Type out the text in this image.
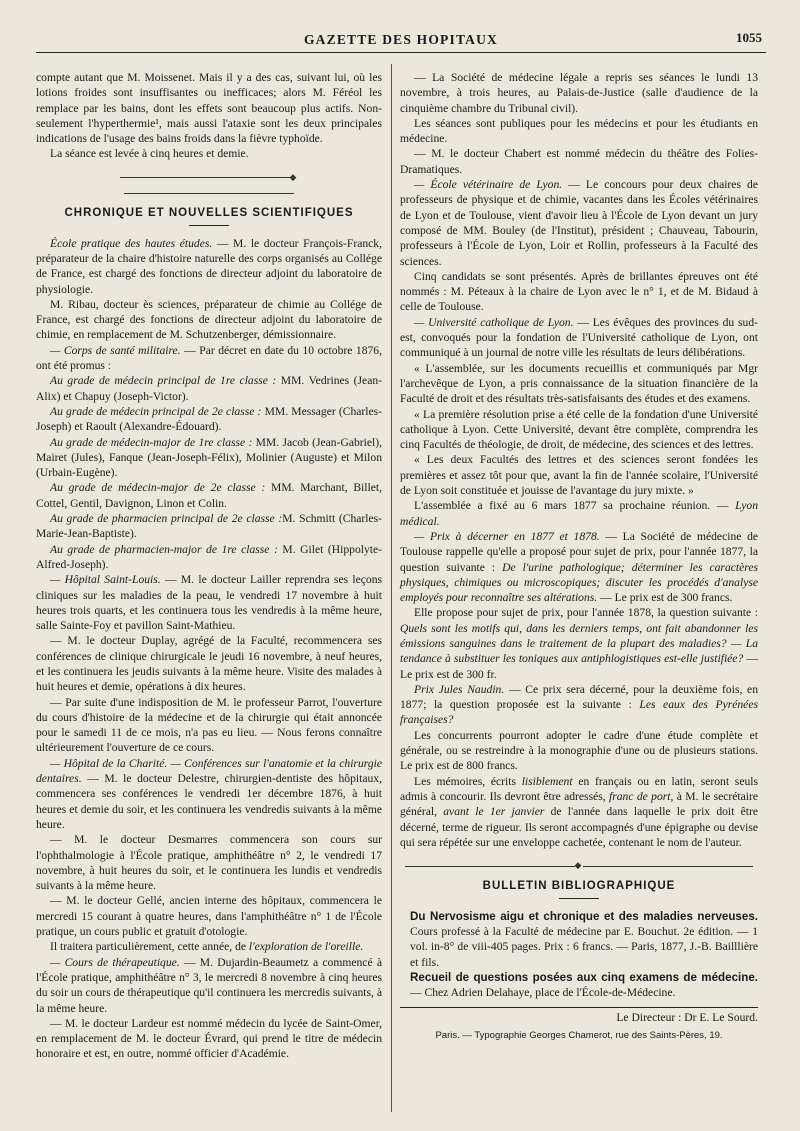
GAZETTE DES HOPITAUX	1055

compte autant que M. Moissenet. Mais il y a des cas, suivant lui, où les lotions froides sont insuffisantes ou inefficaces; alors M. Féréol les remplace par les bains, dont les effets sont beaucoup plus actifs. Non-seulement l'hyperthermie¹, mais aussi l'ataxie sont les deux principales indications de l'usage des bains froids dans la fièvre typhoïde.

La séance est levée à cinq heures et demie.

◆
CHRONIQUE ET NOUVELLES SCIENTIFIQUES

École pratique des hautes études. — M. le docteur François-Franck, préparateur de la chaire d'histoire naturelle des corps organisés au Collége de France, est chargé des fonctions de directeur adjoint du laboratoire de physiologie.

M. Ribau, docteur ès sciences, préparateur de chimie au Collége de France, est chargé des fonctions de directeur adjoint du laboratoire de chimie, en remplacement de M. Schutzenberger, démissionnaire.

— Corps de santé militaire. — Par décret en date du 10 octobre 1876, ont été promus :

Au grade de médecin principal de 1re classe : MM. Vedrines (Jean-Alix) et Chapuy (Joseph-Victor).

Au grade de médecin principal de 2e classe : MM. Messager (Charles-Joseph) et Raoult (Alexandre-Édouard).

Au grade de médecin-major de 1re classe : MM. Jacob (Jean-Gabriel), Mairet (Jules), Fanque (Jean-Joseph-Félix), Molinier (Auguste) et Milon (Urbain-Eugène).

Au grade de médecin-major de 2e classe : MM. Marchant, Billet, Cottel, Gentil, Davignon, Linon et Colin.

Au grade de pharmacien principal de 2e classe :M. Schmitt (Charles-Marie-Jean-Baptiste).

Au grade de pharmacien-major de 1re classe : M. Gilet (Hippolyte-Alfred-Joseph).

— Hôpital Saint-Louis. — M. le docteur Lailler reprendra ses leçons cliniques sur les maladies de la peau, le vendredi 17 novembre à huit heures trois quarts, et les continuera tous les vendredis à la même heure, salle Sainte-Foy et pavillon Saint-Mathieu.

— M. le docteur Duplay, agrégé de la Faculté, recommencera ses conférences de clinique chirurgicale le jeudi 16 novembre, à neuf heures, et les continuera les jeudis suivants à la même heure. Visite des malades à huit heures et demie, opérations à dix heures.

— Par suite d'une indisposition de M. le professeur Parrot, l'ouverture du cours d'histoire de la médecine et de la chirurgie qui était annoncée pour le samedi 11 de ce mois, n'a pas eu lieu. — Nous ferons connaître ultérieurement l'ouverture de ce cours.

— Hôpital de la Charité. — Conférences sur l'anatomie et la chirurgie dentaires. — M. le docteur Delestre, chirurgien-dentiste des hôpitaux, commencera ses conférences le vendredi 1er décembre 1876, à huit heures et demie du soir, et les continuera les vendredis suivants à la même heure.

— M. le docteur Desmarres commencera son cours sur l'ophthalmologie à l'École pratique, amphithéâtre n° 2, le vendredi 17 novembre, à huit heures du soir, et le continuera les lundis et vendredis suivants à la même heure.

— M. le docteur Gellé, ancien interne des hôpitaux, commencera le mercredi 15 courant à quatre heures, dans l'amphithéâtre n° 1 de l'École pratique, un cours public et gratuit d'otologie.

Il traitera particulièrement, cette année, de l'exploration de l'oreille.

— Cours de thérapeutique. — M. Dujardin-Beaumetz a commencé à l'École pratique, amphithéâtre n° 3, le mercredi 8 novembre à cinq heures du soir un cours de thérapeutique qu'il continuera les mercredis suivants, à la même heure.

— M. le docteur Lardeur est nommé médecin du lycée de Saint-Omer, en remplacement de M. le docteur Évrard, qui prend le titre de médecin honoraire et est, en outre, nommé officier d'Académie.

— La Société de médecine légale a repris ses séances le lundi 13 novembre, à trois heures, au Palais-de-Justice (salle d'audience de la cinquième chambre du Tribunal civil).

Les séances sont publiques pour les médecins et pour les étudiants en médecine.

— M. le docteur Chabert est nommé médecin du théâtre des Folies-Dramatiques.

— École vétérinaire de Lyon. — Le concours pour deux chaires de professeurs de physique et de chimie, vacantes dans les Écoles vétérinaires de Lyon et de Toulouse, vient d'avoir lieu à l'École de Lyon devant un jury composé de MM. Bouley (de l'Institut), président ; Chauveau, Tabourin, professeurs à l'École de Lyon, Loir et Rollin, professeurs à la Faculté des sciences.

Cinq candidats se sont présentés. Après de brillantes épreuves ont été nommés : M. Péteaux à la chaire de Lyon avec le n° 1, et de M. Bidaud à celle de Toulouse.

— Université catholique de Lyon. — Les évêques des provinces du sud-est, convoqués pour la fondation de l'Université catholique de Lyon, ont communiqué à un journal de notre ville les résultats de leurs délibérations.

« L'assemblée, sur les documents recueillis et communiqués par Mgr l'archevêque de Lyon, a pris connaissance de la situation financière de la Faculté de droit et des résultats très-satisfaisants des études et des examens.

« La première résolution prise a été celle de la fondation d'une Université catholique à Lyon. Cette Université, devant être complète, comprendra les cinq Facultés de théologie, de droit, de médecine, des sciences et des lettres.

« Les deux Facultés des lettres et des sciences seront fondées les premières et assez tôt pour que, avant la fin de l'année scolaire, l'Université de Lyon soit constituée et jouisse de l'avantage du jury mixte. »

L'assemblée a fixé au 6 mars 1877 sa prochaine réunion. — Lyon médical.

— Prix à décerner en 1877 et 1878. — La Société de médecine de Toulouse rappelle qu'elle a proposé pour sujet de prix, pour l'année 1877, la question suivante : De l'urine pathologique; déterminer les caractères physiques, chimiques ou microscopiques; discuter les procédés d'analyse employés pour reconnaître ses altérations. — Le prix est de 300 francs.

Elle propose pour sujet de prix, pour l'année 1878, la question suivante : Quels sont les motifs qui, dans les derniers temps, ont fait abandonner les émissions sanguines dans le traitement de la plupart des maladies? — La tendance à substituer les toniques aux antiphlogistiques est-elle justifiée? — Le prix est de 300 fr.

Prix Jules Naudin. — Ce prix sera décerné, pour la deuxième fois, en 1877; la question proposée est la suivante : Les eaux des Pyrénées françaises?

Les concurrents pourront adopter le cadre d'une étude complète et générale, ou se restreindre à la monographie d'une ou de plusieurs stations. Le prix est de 800 francs.

Les mémoires, écrits lisiblement en français ou en latin, seront seuls admis à concourir. Ils devront être adressés, franc de port, à M. le secrétaire général, avant le 1er janvier de l'année dans laquelle le prix doit être décerné, terme de rigueur. Ils seront accompagnés d'une épigraphe ou devise qui sera répétée sur une enveloppe cachetée, contenant le nom de l'auteur.

◆
BULLETIN BIBLIOGRAPHIQUE

Du Nervosisme aigu et chronique et des maladies nerveuses. Cours professé à la Faculté de médecine par E. Bouchut. 2e édition. — 1 vol. in-8° de viii-405 pages. Prix : 6 francs. — Paris, 1877, J.-B. Bailllière et fils.

Recueil de questions posées aux cinq examens de médecine. — Chez Adrien Delahaye, place de l'École-de-Médecine.

Le Directeur : Dr E. Le Sourd.
Paris. — Typographie Georges Chamerot, rue des Saints-Pères, 19.
